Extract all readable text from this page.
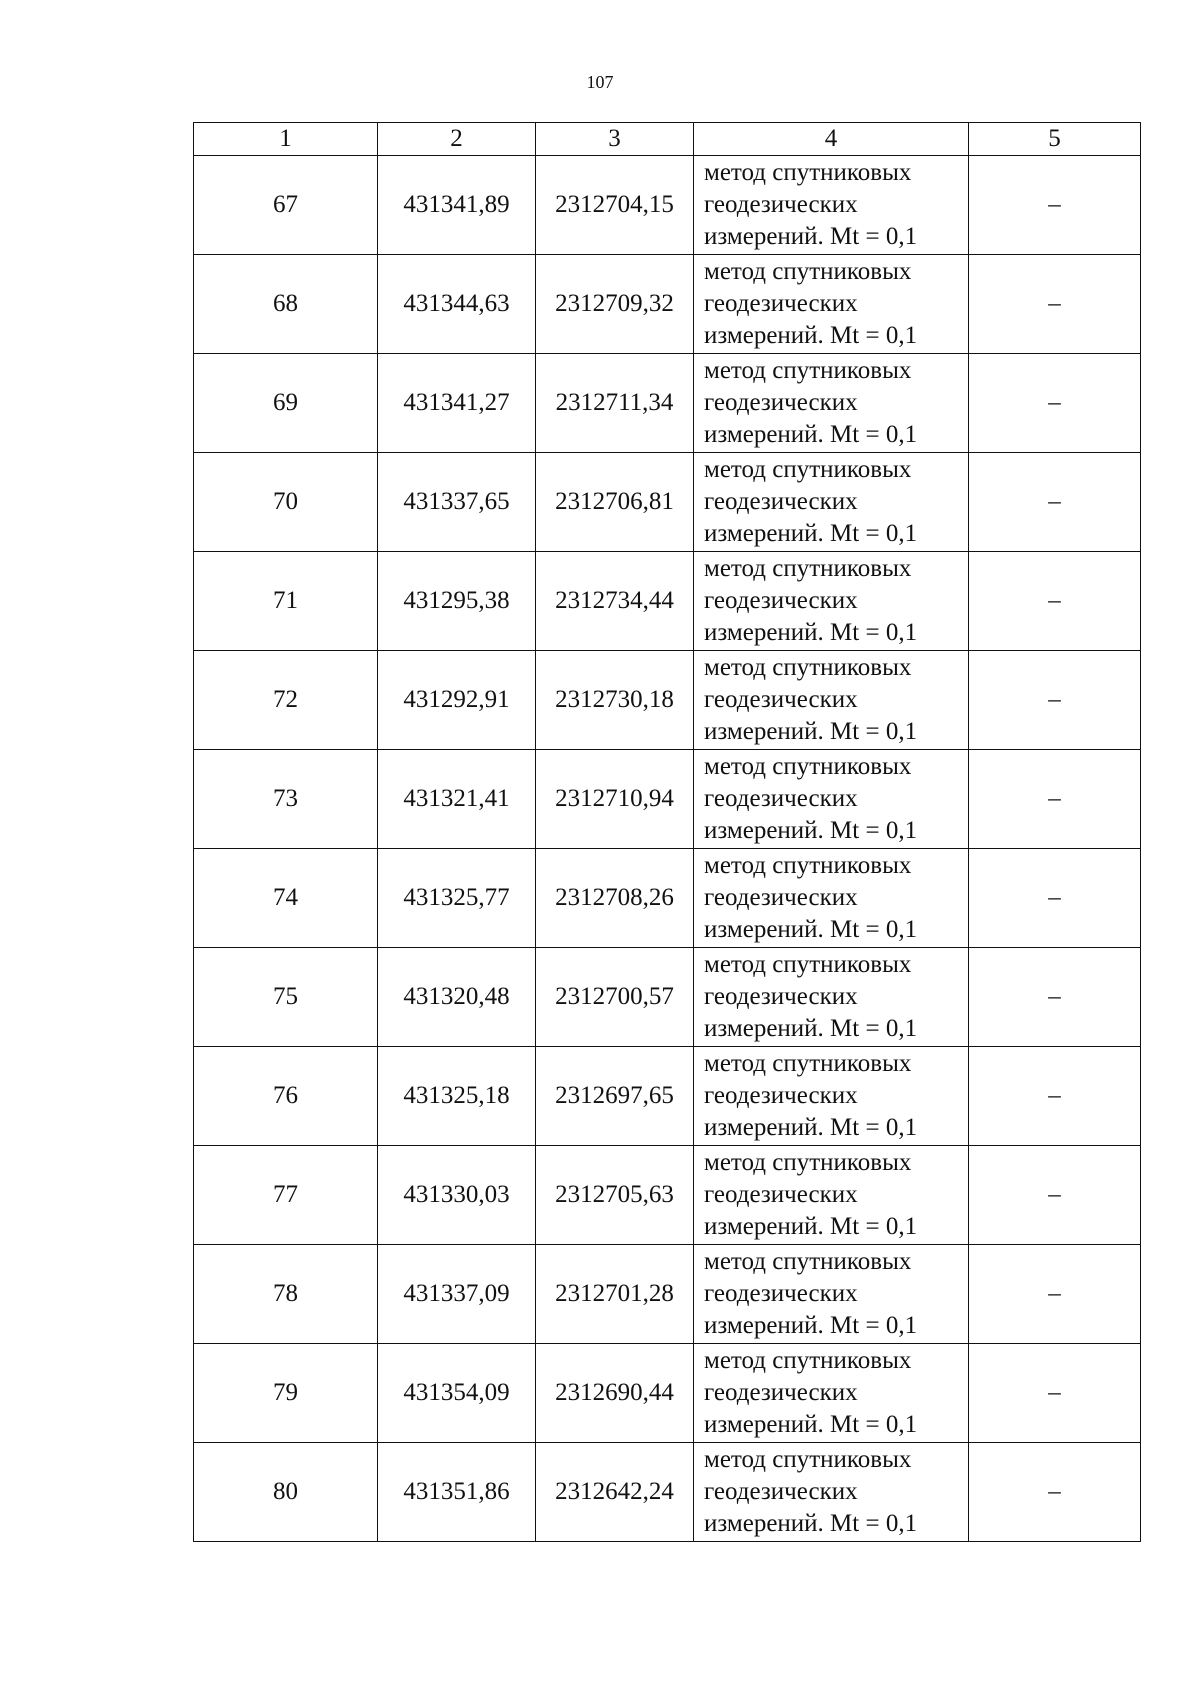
107
1	2	3	4	5
67	431341,89	2312704,15	метод спутниковых
геодезических
измерений. Mt = 0,1	–
68	431344,63	2312709,32	метод спутниковых
геодезических
измерений. Mt = 0,1	–
69	431341,27	2312711,34	метод спутниковых
геодезических
измерений. Mt = 0,1	–
70	431337,65	2312706,81	метод спутниковых
геодезических
измерений. Mt = 0,1	–
71	431295,38	2312734,44	метод спутниковых
геодезических
измерений. Mt = 0,1	–
72	431292,91	2312730,18	метод спутниковых
геодезических
измерений. Mt = 0,1	–
73	431321,41	2312710,94	метод спутниковых
геодезических
измерений. Mt = 0,1	–
74	431325,77	2312708,26	метод спутниковых
геодезических
измерений. Mt = 0,1	–
75	431320,48	2312700,57	метод спутниковых
геодезических
измерений. Mt = 0,1	–
76	431325,18	2312697,65	метод спутниковых
геодезических
измерений. Mt = 0,1	–
77	431330,03	2312705,63	метод спутниковых
геодезических
измерений. Mt = 0,1	–
78	431337,09	2312701,28	метод спутниковых
геодезических
измерений. Mt = 0,1	–
79	431354,09	2312690,44	метод спутниковых
геодезических
измерений. Mt = 0,1	–
80	431351,86	2312642,24	метод спутниковых
геодезических
измерений. Mt = 0,1	–
